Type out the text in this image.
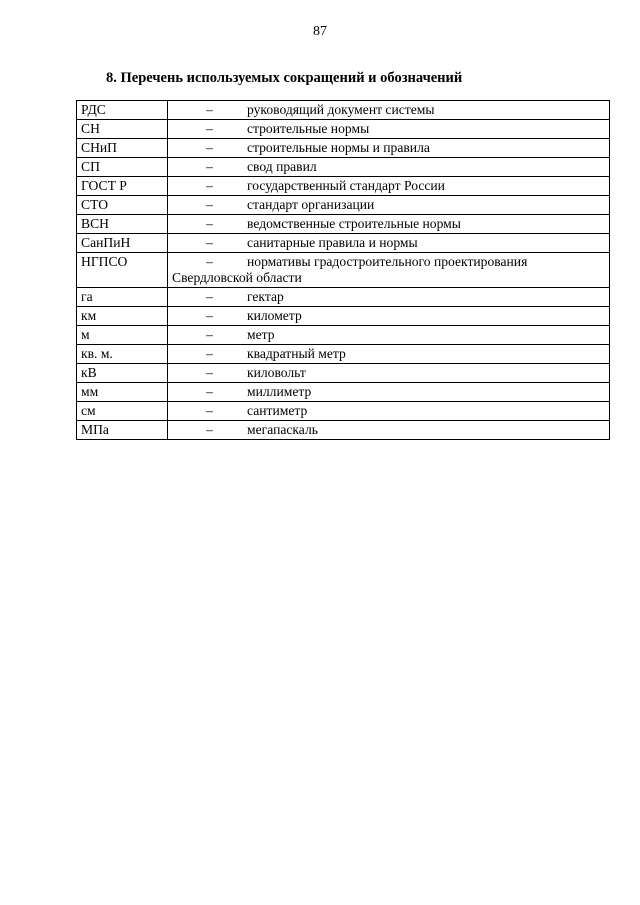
87
8. Перечень используемых сокращений и обозначений
РДС	– руководящий документ системы
СН	– строительные нормы
СНиП	– строительные нормы и правила
СП	– свод правил
ГОСТ Р	– государственный стандарт России
СТО	– стандарт организации
ВСН	– ведомственные строительные нормы
СанПиН	– санитарные правила и нормы
НГПСО	– нормативы градостроительного проектирования
Свердловской области
га	– гектар
км	– километр
м	– метр
кв. м.	– квадратный метр
кВ	– киловольт
мм	– миллиметр
см	– сантиметр
МПа	– мегапаскаль
